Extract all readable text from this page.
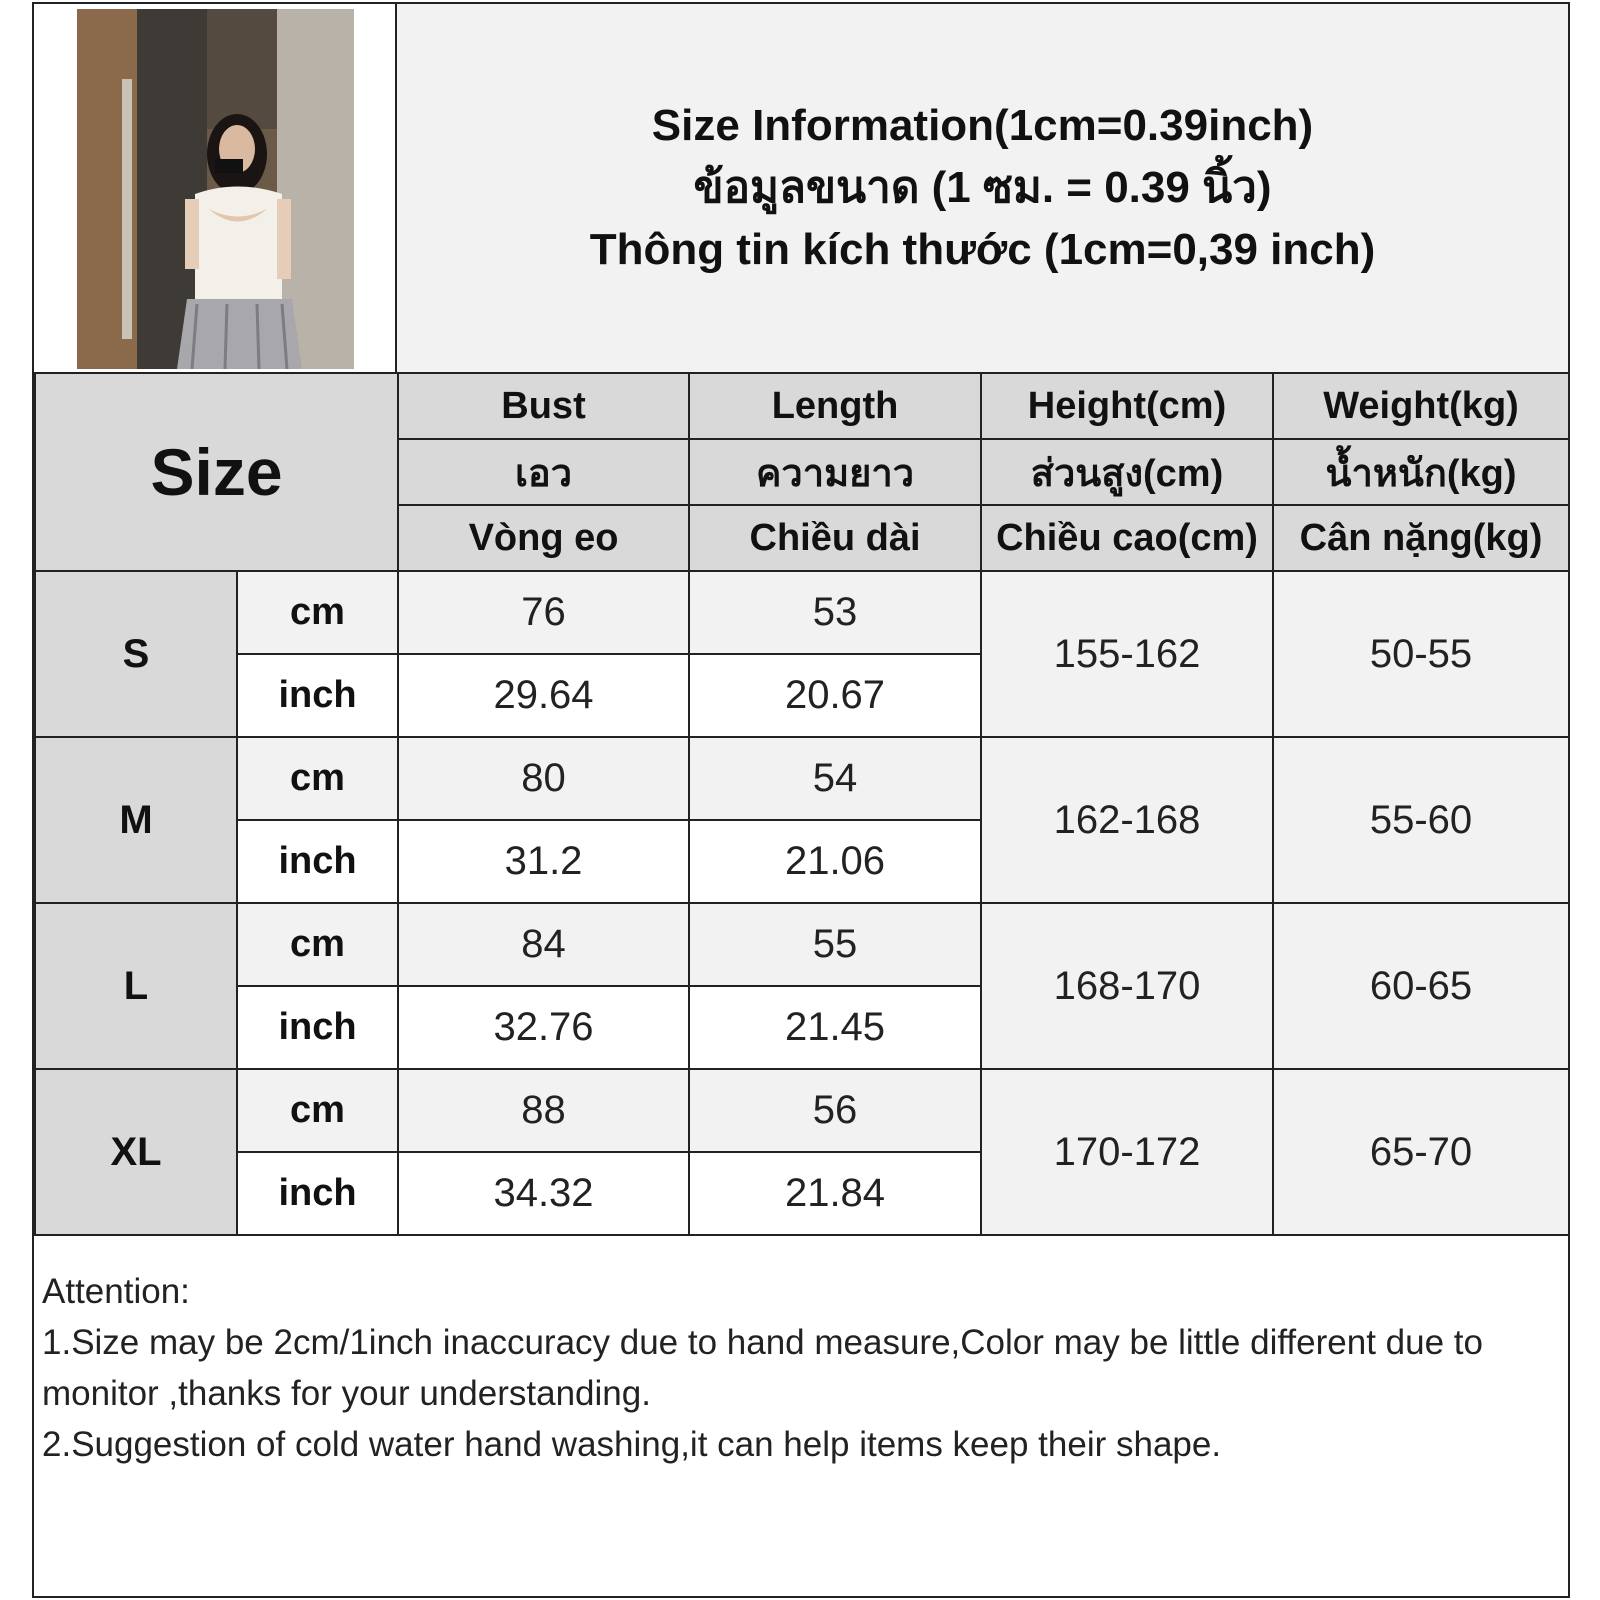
Size Information(1cm=0.39inch)
ข้อมูลขนาด (1 ซม. = 0.39 นิ้ว)
Thông tin kích thước (1cm=0,39 inch)
Size		Bust	Length	Height(cm)	Weight(kg)
		เอว	ความยาว	ส่วนสูง(cm)	น้ำหนัก(kg)
		Vòng eo	Chiều dài	Chiều cao(cm)	Cân nặng(kg)
S	cm	76	53	155-162	50-55
	inch	29.64	20.67		
M	cm	80	54	162-168	55-60
	inch	31.2	21.06		
L	cm	84	55	168-170	60-65
	inch	32.76	21.45		
XL	cm	88	56	170-172	65-70
	inch	34.32	21.84		
Attention:
1.Size may be 2cm/1inch inaccuracy due to hand measure,Color may be little different due to monitor ,thanks for your understanding.
2.Suggestion of cold water hand washing,it can help items keep their shape.
